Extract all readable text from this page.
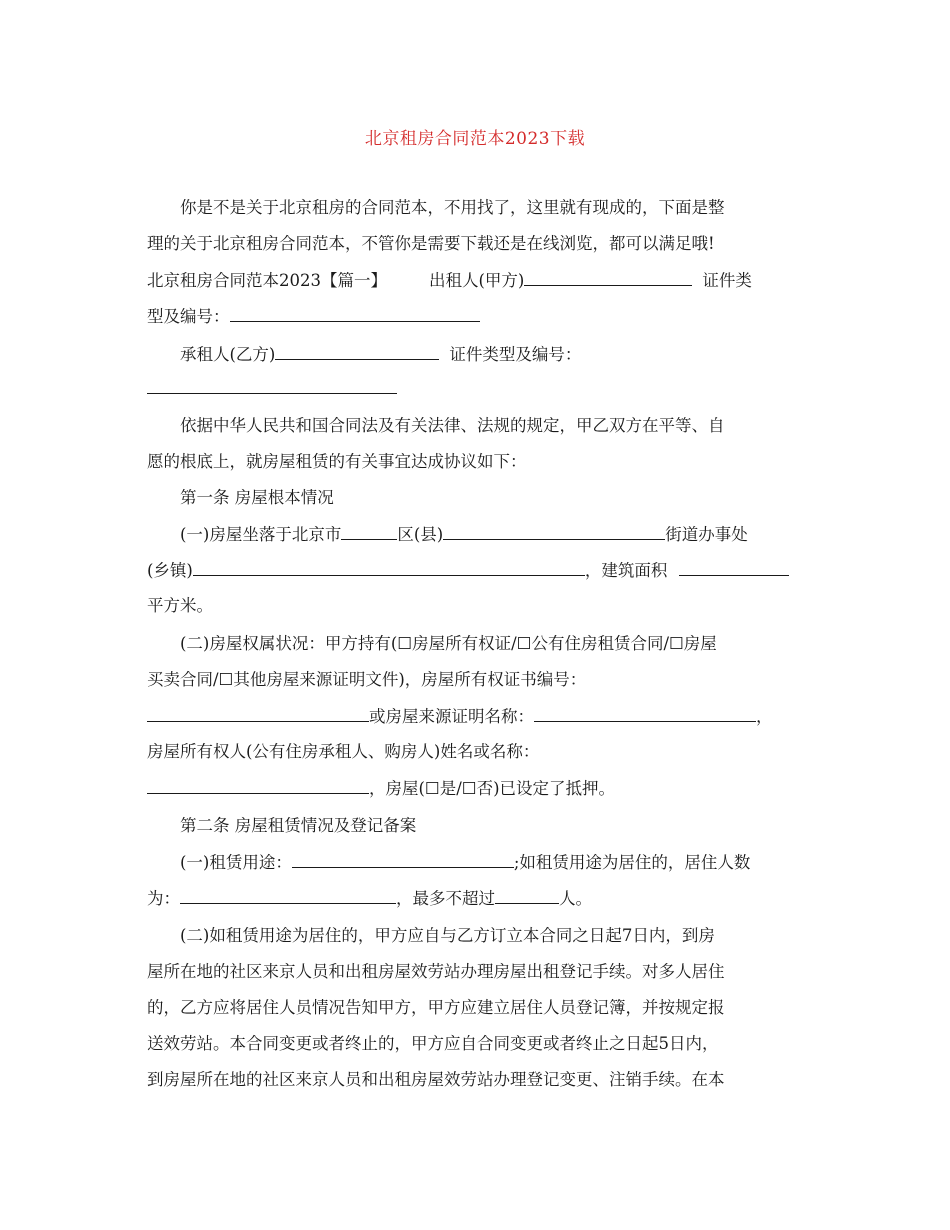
北京租房合同范本2023下载
你是不是关于北京租房的合同范本，不用找了，这里就有现成的，下面是整
理的关于北京租房合同范本，不管你是需要下载还是在线浏览，都可以满足哦!
北京租房合同范本2023【篇一】	出租人(甲方)	证件类
型及编号：
承租人(乙方)	证件类型及编号：
依据中华人民共和国合同法及有关法律、法规的规定，甲乙双方在平等、自
愿的根底上，就房屋租赁的有关事宜达成协议如下：
第一条 房屋根本情况
(一)房屋坐落于北京市	区(县)	街道办事处
(乡镇)	，建筑面积
平方米。
(二)房屋权属状况：甲方持有(☐房屋所有权证/☐公有住房租赁合同/☐房屋
买卖合同/☐其他房屋来源证明文件)，房屋所有权证书编号：
或房屋来源证明名称：	，
房屋所有权人(公有住房承租人、购房人)姓名或名称：
，房屋(☐是/☐否)已设定了抵押。
第二条 房屋租赁情况及登记备案
(一)租赁用途：	;如租赁用途为居住的，居住人数
为：	，最多不超过	人。
(二)如租赁用途为居住的，甲方应自与乙方订立本合同之日起7日内，到房
屋所在地的社区来京人员和出租房屋效劳站办理房屋出租登记手续。对多人居住
的，乙方应将居住人员情况告知甲方，甲方应建立居住人员登记簿，并按规定报
送效劳站。本合同变更或者终止的，甲方应自合同变更或者终止之日起5日内，
到房屋所在地的社区来京人员和出租房屋效劳站办理登记变更、注销手续。在本
